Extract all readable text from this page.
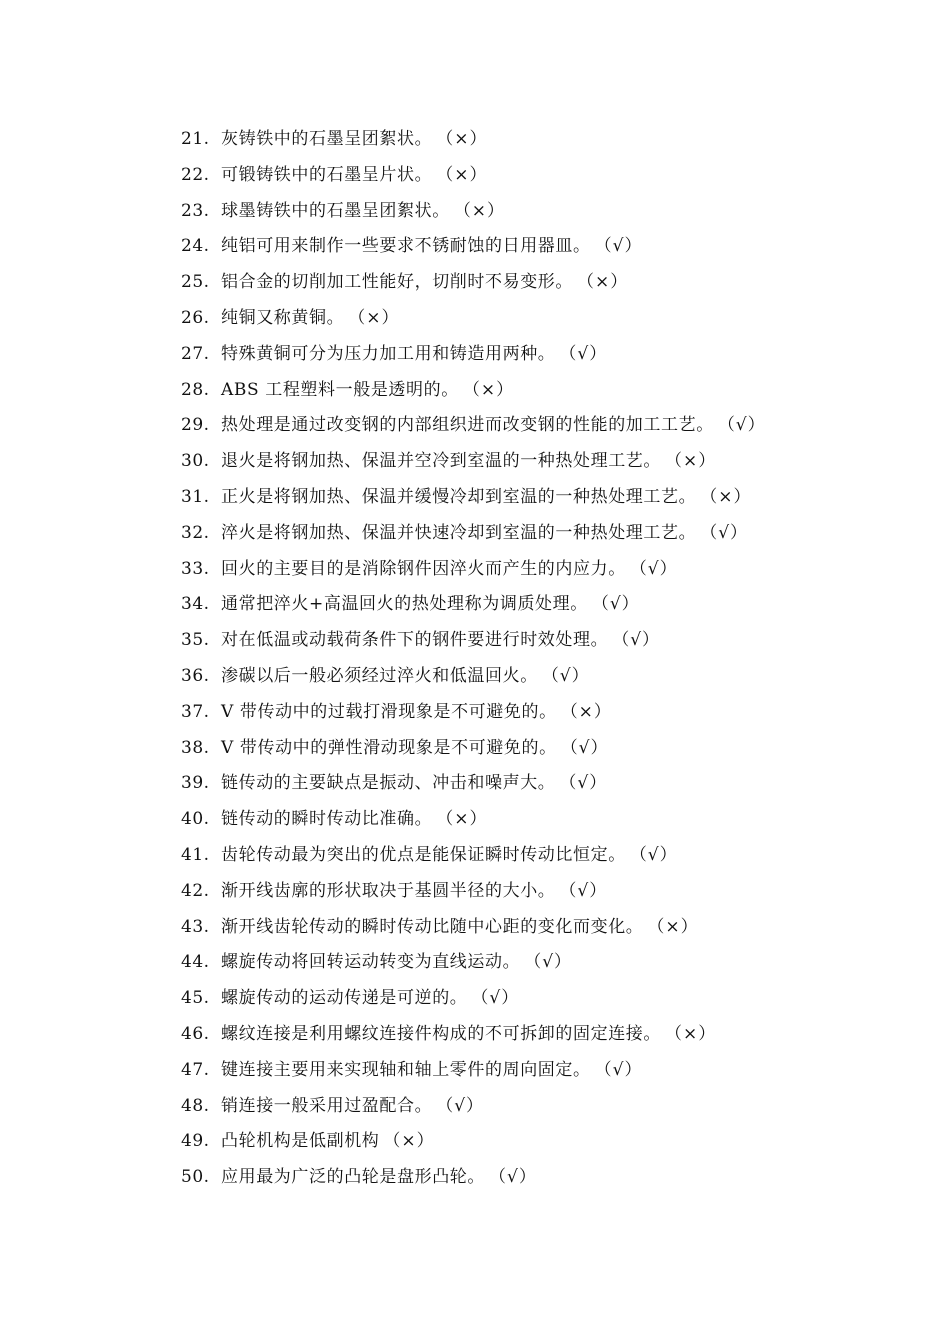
21. 灰铸铁中的石墨呈团絮状。 （×）
22. 可锻铸铁中的石墨呈片状。 （×）
23. 球墨铸铁中的石墨呈团絮状。 （×）
24. 纯铝可用来制作一些要求不锈耐蚀的日用器皿。 （√）
25. 铝合金的切削加工性能好，切削时不易变形。 （×）
26. 纯铜又称黄铜。 （×）
27. 特殊黄铜可分为压力加工用和铸造用两种。 （√）
28. ABS 工程塑料一般是透明的。 （×）
29. 热处理是通过改变钢的内部组织进而改变钢的性能的加工工艺。 （√）
30. 退火是将钢加热、保温并空冷到室温的一种热处理工艺。 （×）
31. 正火是将钢加热、保温并缓慢冷却到室温的一种热处理工艺。 （×）
32. 淬火是将钢加热、保温并快速冷却到室温的一种热处理工艺。 （√）
33. 回火的主要目的是消除钢件因淬火而产生的内应力。 （√）
34. 通常把淬火+高温回火的热处理称为调质处理。 （√）
35. 对在低温或动载荷条件下的钢件要进行时效处理。 （√）
36. 渗碳以后一般必须经过淬火和低温回火。 （√）
37. V 带传动中的过载打滑现象是不可避免的。 （×）
38. V 带传动中的弹性滑动现象是不可避免的。 （√）
39. 链传动的主要缺点是振动、冲击和噪声大。 （√）
40. 链传动的瞬时传动比准确。 （×）
41. 齿轮传动最为突出的优点是能保证瞬时传动比恒定。 （√）
42. 渐开线齿廓的形状取决于基圆半径的大小。 （√）
43. 渐开线齿轮传动的瞬时传动比随中心距的变化而变化。 （×）
44. 螺旋传动将回转运动转变为直线运动。 （√）
45. 螺旋传动的运动传递是可逆的。 （√）
46. 螺纹连接是利用螺纹连接件构成的不可拆卸的固定连接。 （×）
47. 键连接主要用来实现轴和轴上零件的周向固定。 （√）
48. 销连接一般采用过盈配合。 （√）
49. 凸轮机构是低副机构 （×）
50. 应用最为广泛的凸轮是盘形凸轮。 （√）
